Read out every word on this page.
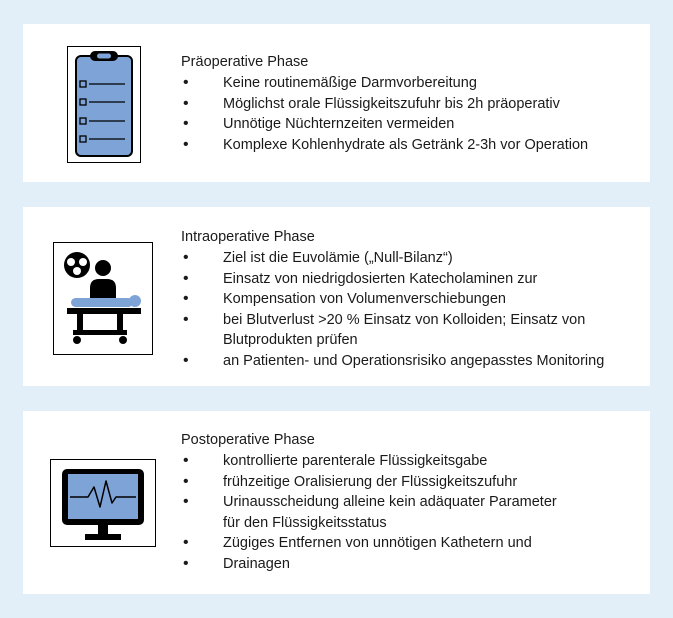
Präoperative Phase
• Keine routinemäßige Darmvorbereitung
• Möglichst orale Flüssigkeitszufuhr bis 2h präoperativ
• Unnötige Nüchternzeiten vermeiden
• Komplexe Kohlenhydrate als Getränk 2-3h vor Operation
Intraoperative Phase
• Ziel ist die Euvolämie („Null-Bilanz“)
• Einsatz von niedrigdosierten Katecholaminen zur
• Kompensation von Volumenverschiebungen
• bei Blutverlust >20 % Einsatz von Kolloiden; Einsatz von
Blutprodukten prüfen
• an Patienten- und Operationsrisiko angepasstes Monitoring
Postoperative Phase
• kontrollierte parenterale Flüssigkeitsgabe
• frühzeitige Oralisierung der Flüssigkeitszufuhr
• Urinausscheidung alleine kein adäquater Parameter
für den Flüssigkeitsstatus
• Zügiges Entfernen von unnötigen Kathetern und
• Drainagen
